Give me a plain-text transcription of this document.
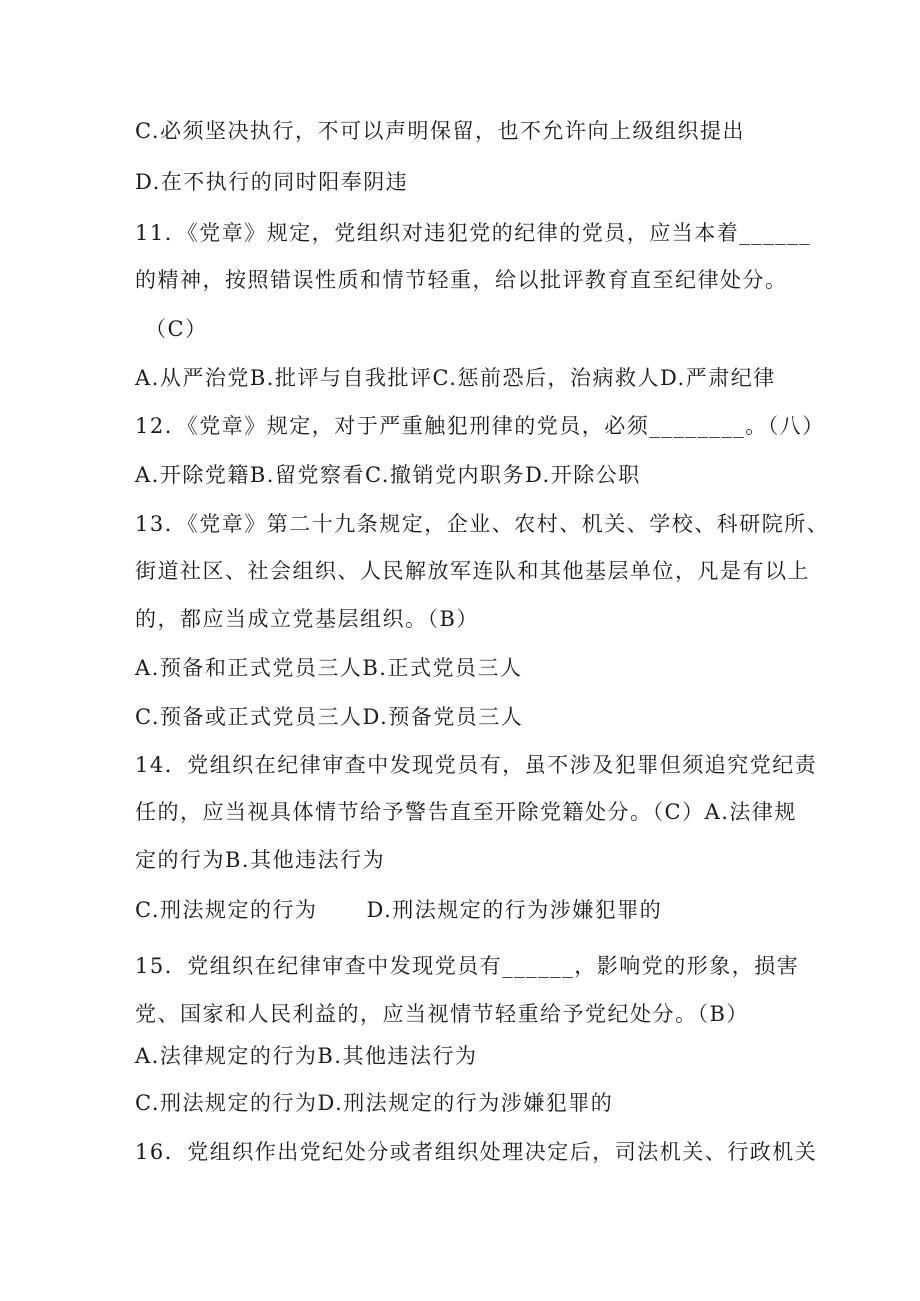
C.必须坚决执行，不可以声明保留，也不允许向上级组织提出
D.在不执行的同时阳奉阴违
11．《党章》规定，党组织对违犯党的纪律的党员，应当本着______
的精神，按照错误性质和情节轻重，给以批评教育直至纪律处分。
（C）
A.从严治党B.批评与自我批评C.惩前恐后，治病救人D.严肃纪律
12．《党章》规定，对于严重触犯刑律的党员，必须________。（八）
A.开除党籍B.留党察看C.撤销党内职务D.开除公职
13．《党章》第二十九条规定，企业、农村、机关、学校、科研院所、
街道社区、社会组织、人民解放军连队和其他基层单位，凡是有以上
的，都应当成立党基层组织。（B）
A.预备和正式党员三人B.正式党员三人
C.预备或正式党员三人D.预备党员三人
14．党组织在纪律审查中发现党员有，虽不涉及犯罪但须追究党纪责
任的，应当视具体情节给予警告直至开除党籍处分。（C）A.法律规
定的行为B.其他违法行为
C.刑法规定的行为      D.刑法规定的行为涉嫌犯罪的
15．党组织在纪律审查中发现党员有______，影响党的形象，损害
党、国家和人民利益的，应当视情节轻重给予党纪处分。（B）
A.法律规定的行为B.其他违法行为
C.刑法规定的行为D.刑法规定的行为涉嫌犯罪的
16．党组织作出党纪处分或者组织处理决定后，司法机关、行政机关
